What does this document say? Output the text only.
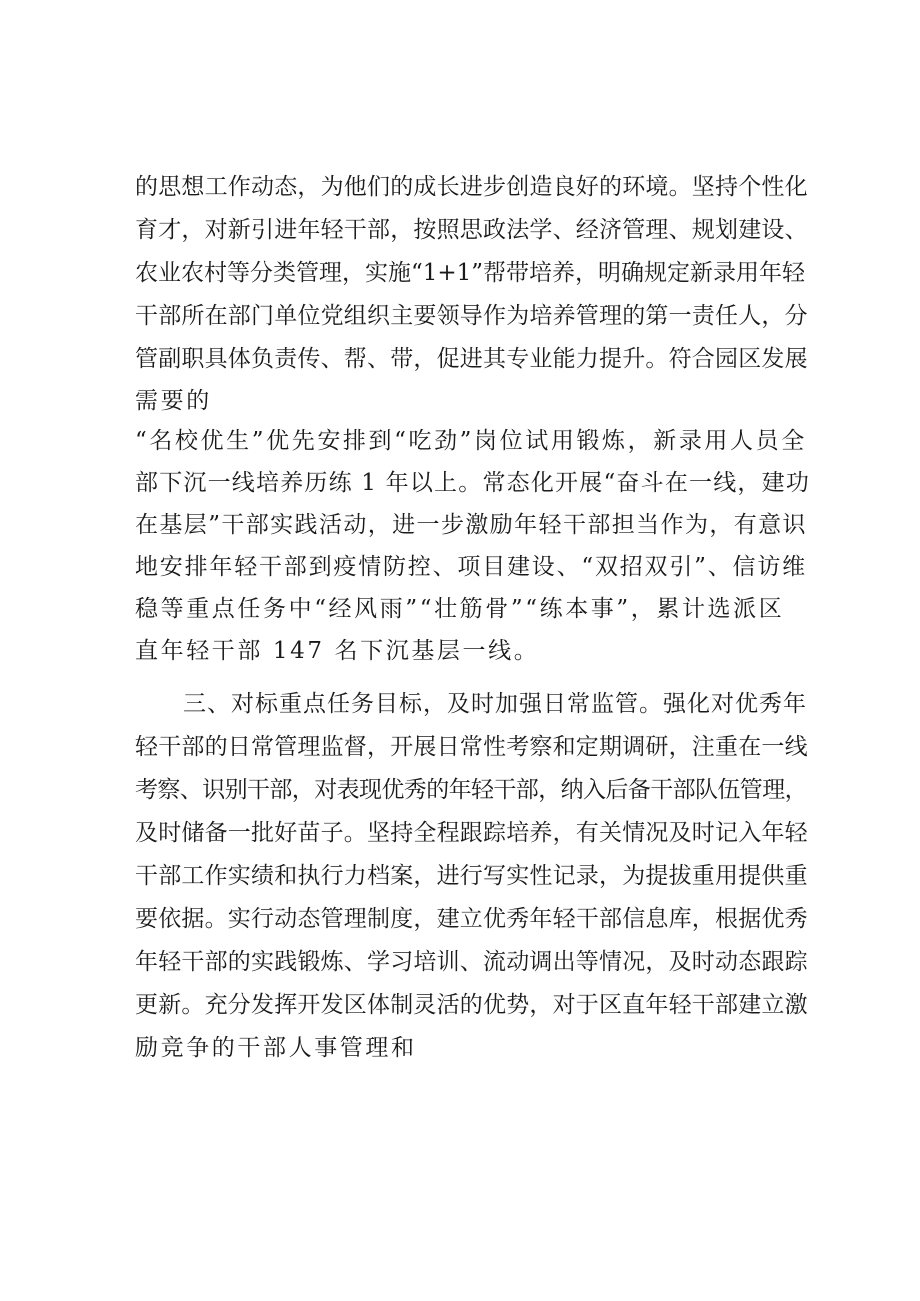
的思想工作动态，为他们的成长进步创造良好的环境。坚持个性化
育才，对新引进年轻干部，按照思政法学、经济管理、规划建设、
农业农村等分类管理，实施“1+1”帮带培养，明确规定新录用年轻
干部所在部门单位党组织主要领导作为培养管理的第一责任人，分
管副职具体负责传、帮、带，促进其专业能力提升。符合园区发展
需要的
“名校优生”优先安排到“吃劲”岗位试用锻炼，新录用人员全
部下沉一线培养历练 1 年以上。常态化开展“奋斗在一线，建功
在基层”干部实践活动，进一步激励年轻干部担当作为，有意识
地安排年轻干部到疫情防控、项目建设、“双招双引”、信访维
稳等重点任务中“经风雨”“壮筋骨”“练本事”，累计选派区
直年轻干部 147 名下沉基层一线。
　　三、对标重点任务目标，及时加强日常监管。强化对优秀年
轻干部的日常管理监督，开展日常性考察和定期调研，注重在一线
考察、识别干部，对表现优秀的年轻干部，纳入后备干部队伍管理，
及时储备一批好苗子。坚持全程跟踪培养，有关情况及时记入年轻
干部工作实绩和执行力档案，进行写实性记录，为提拔重用提供重
要依据。实行动态管理制度，建立优秀年轻干部信息库，根据优秀
年轻干部的实践锻炼、学习培训、流动调出等情况，及时动态跟踪
更新。充分发挥开发区体制灵活的优势，对于区直年轻干部建立激
励竞争的干部人事管理和
